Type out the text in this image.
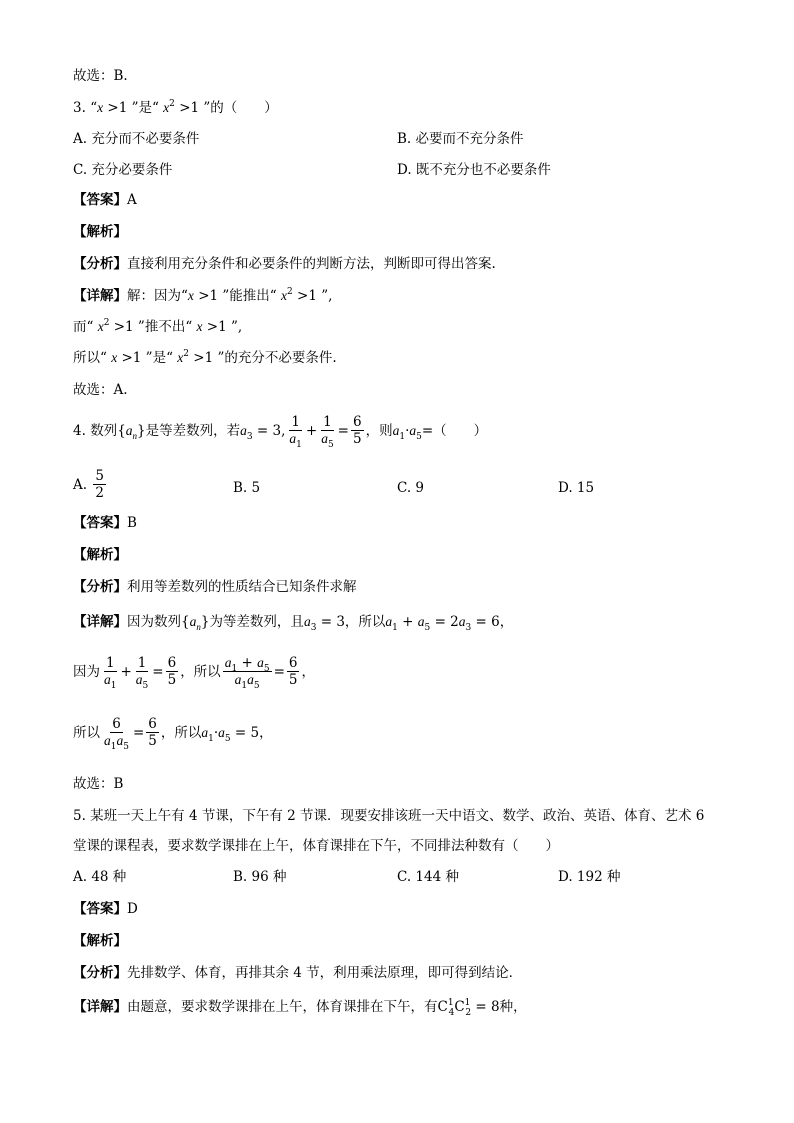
故选：B.
3. “x >1 ”是“ $x^2 >1$ ”的（　　）
A. 充分而不必要条件	B. 必要而不充分条件
C. 充分必要条件	D. 既不充分也不必要条件
【答案】A
【解析】
【分析】直接利用充分条件和必要条件的判断方法，判断即可得出答案.
【详解】解：因为“x >1 ”能推出“ $x^2 >1$ ”,
而“ $x^2 >1$ ”推不出“ x >1 ”,
所以“ x >1 ”是“ $x^2 >1$ ”的充分不必要条件.
故选：A.
4.
数列 $\{a_n\}$ 是等差数列，若 $a_3 = 3$, $\frac{1}{a_1} + \frac{1}{a_5} = \frac{6}{5}$ ，则 $a_1\cdot a_5$ =（　　）
A.
$\frac{5}{2}$	B. 5	C. 9	D. 15
【答案】B
【解析】
【分析】利用等差数列的性质结合已知条件求解
【详解】因为数列$\{a_n\}$为等差数列，且$a_3 = 3$，所以$a_1 + a_5 = 2a_3 = 6$，
因为 $\frac{1}{a_1} + \frac{1}{a_5} = \frac{6}{5}$ ，所以 $\frac{a_1 + a_5}{a_1a_5} = \frac{6}{5}$ ，
所以 $\frac{6}{a_1a_5} = \frac{6}{5}$ ，所以 $a_1\cdot a_5 = 5$ ，
故选：B
5. 某班一天上午有 4 节课，下午有 2 节课．现要安排该班一天中语文、数学、政治、英语、体育、艺术 6
堂课的课程表，要求数学课排在上午，体育课排在下午，不同排法种数有（　　）
A. 48 种	B. 96 种	C. 144 种	D. 192 种
【答案】D
【解析】
【分析】先排数学、体育，再排其余 4 节，利用乘法原理，即可得到结论．
【详解】由题意，要求数学课排在上午，体育课排在下午，有$C^1_4C^1_2 = 8$种，
